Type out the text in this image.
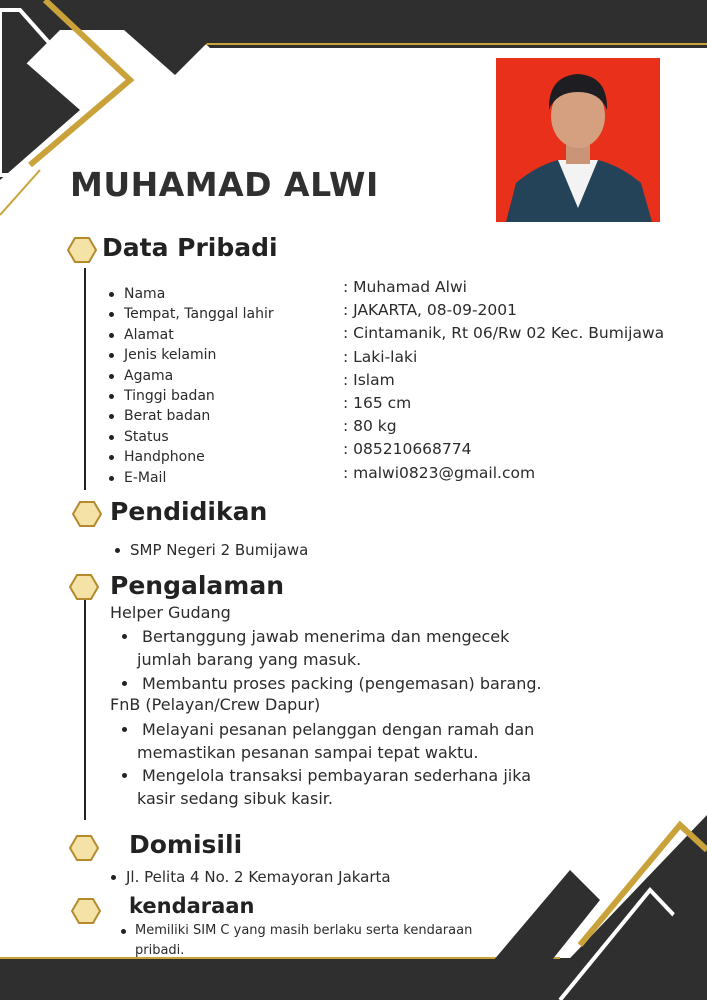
MUHAMAD ALWI
Data Pribadi
Pendidikan
Pengalaman
Domisili
kendaraan
Nama
Tempat, Tanggal lahir
Alamat
Jenis kelamin
Agama
Tinggi badan
Berat badan
Status
Handphone
E-Mail
: Muhamad Alwi
: JAKARTA, 08-09-2001
: Cintamanik, Rt 06/Rw 02 Kec. Bumijawa
: Laki-laki
: Islam
: 165 cm
: 80 kg
: 085210668774
: malwi0823@gmail.com
SMP Negeri 2 Bumijawa

Helper Gudang

Bertanggung jawab menerima dan mengecek
jumlah barang yang masuk.

Membantu proses packing (pengemasan) barang.

FnB (Pelayan/Crew Dapur)

Melayani pesanan pelanggan dengan ramah dan
memastikan pesanan sampai tepat waktu.

Mengelola transaksi pembayaran sederhana jika
kasir sedang sibuk kasir.

Jl. Pelita 4 No. 2 Kemayoran Jakarta
Memiliki SIM C yang masih berlaku serta kendaraan
pribadi.
